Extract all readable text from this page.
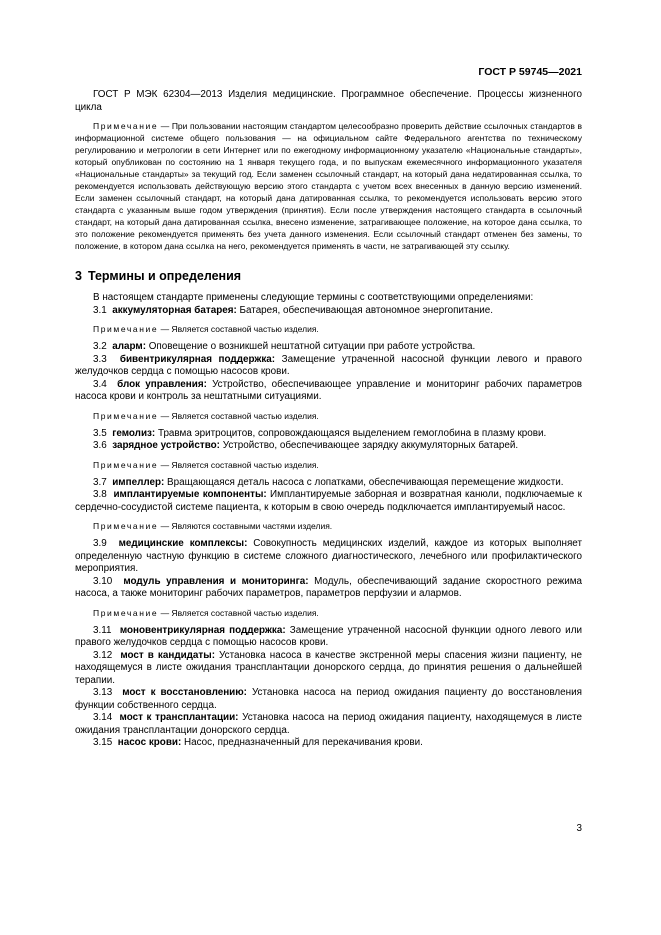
ГОСТ Р 59745—2021

ГОСТ Р МЭК 62304—2013 Изделия медицинские. Программное обеспечение. Процессы жизненного цикла

Примечание — При пользовании настоящим стандартом целесообразно проверить действие ссылочных стандартов в информационной системе общего пользования — на официальном сайте Федерального агентства по техническому регулированию и метрологии в сети Интернет или по ежегодному информационному указателю «Национальные стандарты», который опубликован по состоянию на 1 января текущего года, и по выпускам ежемесячного информационного указателя «Национальные стандарты» за текущий год. Если заменен ссылочный стандарт, на который дана недатированная ссылка, то рекомендуется использовать действующую версию этого стандарта с учетом всех внесенных в данную версию изменений. Если заменен ссылочный стандарт, на который дана датированная ссылка, то рекомендуется использовать версию этого стандарта с указанным выше годом утверждения (принятия). Если после утверждения настоящего стандарта в ссылочный стандарт, на который дана датированная ссылка, внесено изменение, затрагивающее положение, на которое дана ссылка, то это положение рекомендуется применять без учета данного изменения. Если ссылочный стандарт отменен без замены, то положение, в котором дана ссылка на него, рекомендуется применять в части, не затрагивающей эту ссылку.

3 Термины и определения

В настоящем стандарте применены следующие термины с соответствующими определениями:

3.1 аккумуляторная батарея: Батарея, обеспечивающая автономное энергопитание.

Примечание — Является составной частью изделия.

3.2 аларм: Оповещение о возникшей нештатной ситуации при работе устройства.

3.3 бивентрикулярная поддержка: Замещение утраченной насосной функции левого и правого желудочков сердца с помощью насосов крови.

3.4 блок управления: Устройство, обеспечивающее управление и мониторинг рабочих параметров насоса крови и контроль за нештатными ситуациями.

Примечание — Является составной частью изделия.

3.5 гемолиз: Травма эритроцитов, сопровождающаяся выделением гемоглобина в плазму крови.

3.6 зарядное устройство: Устройство, обеспечивающее зарядку аккумуляторных батарей.

Примечание — Является составной частью изделия.

3.7 импеллер: Вращающаяся деталь насоса с лопатками, обеспечивающая перемещение жидкости.

3.8 имплантируемые компоненты: Имплантируемые заборная и возвратная канюли, подключаемые к сердечно-сосудистой системе пациента, к которым в свою очередь подключается имплантируемый насос.

Примечание — Являются составными частями изделия.

3.9 медицинские комплексы: Совокупность медицинских изделий, каждое из которых выполняет определенную частную функцию в системе сложного диагностического, лечебного или профилактического мероприятия.

3.10 модуль управления и мониторинга: Модуль, обеспечивающий задание скоростного режима насоса, а также мониторинг рабочих параметров, параметров перфузии и алармов.

Примечание — Является составной частью изделия.

3.11 моновентрикулярная поддержка: Замещение утраченной насосной функции одного левого или правого желудочков сердца с помощью насосов крови.

3.12 мост в кандидаты: Установка насоса в качестве экстренной меры спасения жизни пациенту, не находящемуся в листе ожидания трансплантации донорского сердца, до принятия решения о дальнейшей терапии.

3.13 мост к восстановлению: Установка насоса на период ожидания пациенту до восстановления функции собственного сердца.

3.14 мост к трансплантации: Установка насоса на период ожидания пациенту, находящемуся в листе ожидания трансплантации донорского сердца.

3.15 насос крови: Насос, предназначенный для перекачивания крови.

3
